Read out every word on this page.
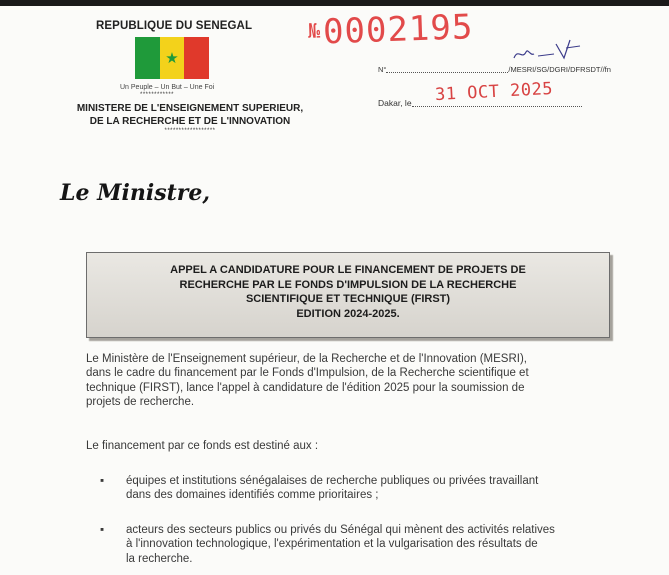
REPUBLIQUE DU SENEGAL
★
Un Peuple – Un But – Une Foi
************
MINISTERE DE L'ENSEIGNEMENT SUPERIEUR,
DE LA RECHERCHE ET DE L'INNOVATION
******************
№0002195
N°	/MESRI/SG/DGRI/DFRSDT//fn
31 OCT 2025
Dakar, le
Le Ministre,
APPEL A CANDIDATURE POUR LE FINANCEMENT DE PROJETS DE
RECHERCHE PAR LE FONDS D'IMPULSION DE LA RECHERCHE
SCIENTIFIQUE ET TECHNIQUE (FIRST)
EDITION 2024-2025.
Le Ministère de l'Enseignement supérieur, de la Recherche et de l'Innovation (MESRI),
dans le cadre du financement par le Fonds d'Impulsion, de la Recherche scientifique et
technique (FIRST), lance l'appel à candidature de l'édition 2025 pour la soumission de
projets de recherche.
Le financement par ce fonds est destiné aux :
▪ équipes et institutions sénégalaises de recherche publiques ou privées travaillant
dans des domaines identifiés comme prioritaires ;
▪ acteurs des secteurs publics ou privés du Sénégal qui mènent des activités relatives
à l'innovation technologique, l'expérimentation et la vulgarisation des résultats de
la recherche.
